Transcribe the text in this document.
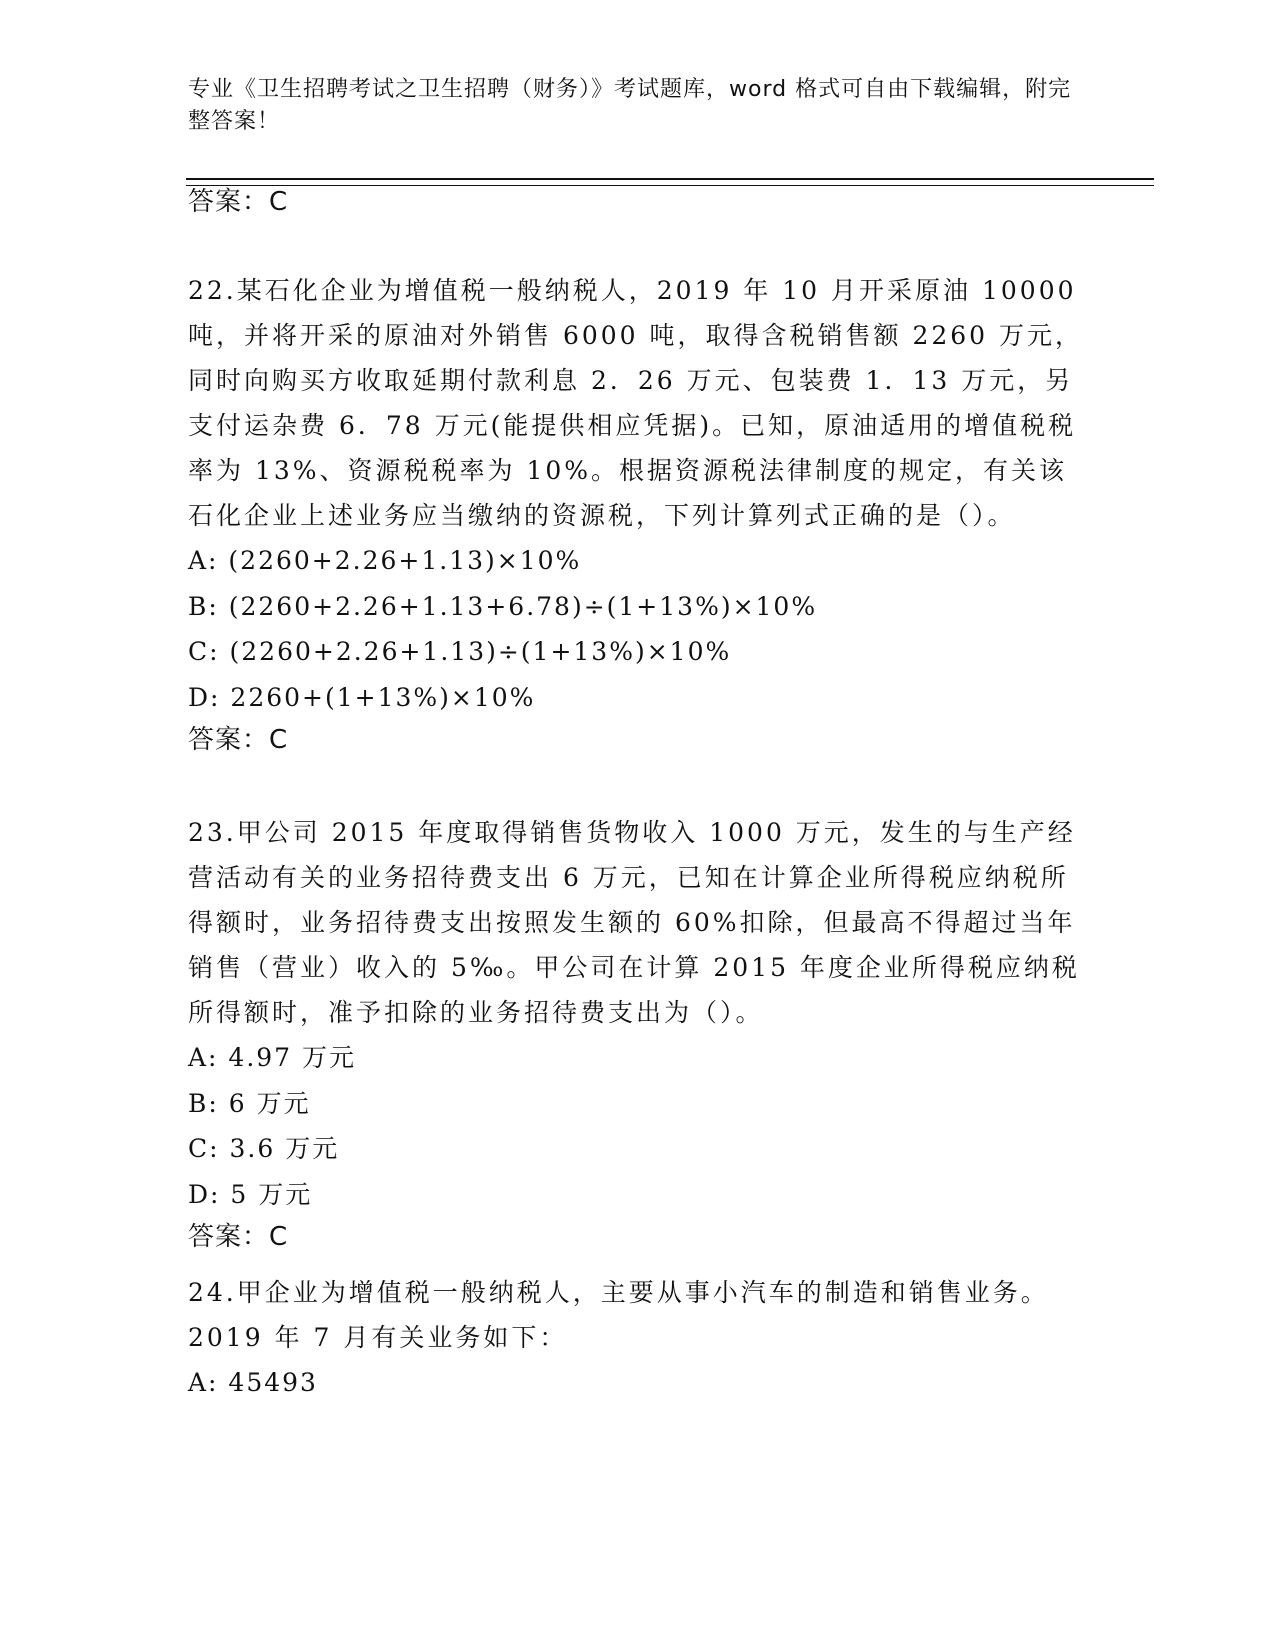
专业《卫生招聘考试之卫生招聘（财务）》考试题库，word 格式可自由下载编辑，附完整答案！
答案：C

22.某石化企业为增值税一般纳税人，2019 年 10 月开采原油 10000 吨，并将开采的原油对外销售 6000 吨，取得含税销售额 2260 万元，同时向购买方收取延期付款利息 2．26 万元、包装费 1．13 万元，另支付运杂费 6．78 万元(能提供相应凭据)。已知，原油适用的增值税税率为 13%、资源税税率为 10%。根据资源税法律制度的规定，有关该石化企业上述业务应当缴纳的资源税，下列计算列式正确的是（）。

A: (2260+2.26+1.13)×10%
B: (2260+2.26+1.13+6.78)÷(1+13%)×10%
C: (2260+2.26+1.13)÷(1+13%)×10%
D: 2260+(1+13%)×10%
答案：C

23.甲公司 2015 年度取得销售货物收入 1000 万元，发生的与生产经营活动有关的业务招待费支出 6 万元，已知在计算企业所得税应纳税所得额时，业务招待费支出按照发生额的 60%扣除，但最高不得超过当年销售（营业）收入的 5‰。甲公司在计算 2015 年度企业所得税应纳税所得额时，准予扣除的业务招待费支出为（）。

A: 4.97 万元
B: 6 万元
C: 3.6 万元
D: 5 万元
答案：C

24.甲企业为增值税一般纳税人，主要从事小汽车的制造和销售业务。2019 年 7 月有关业务如下：

A: 45493
